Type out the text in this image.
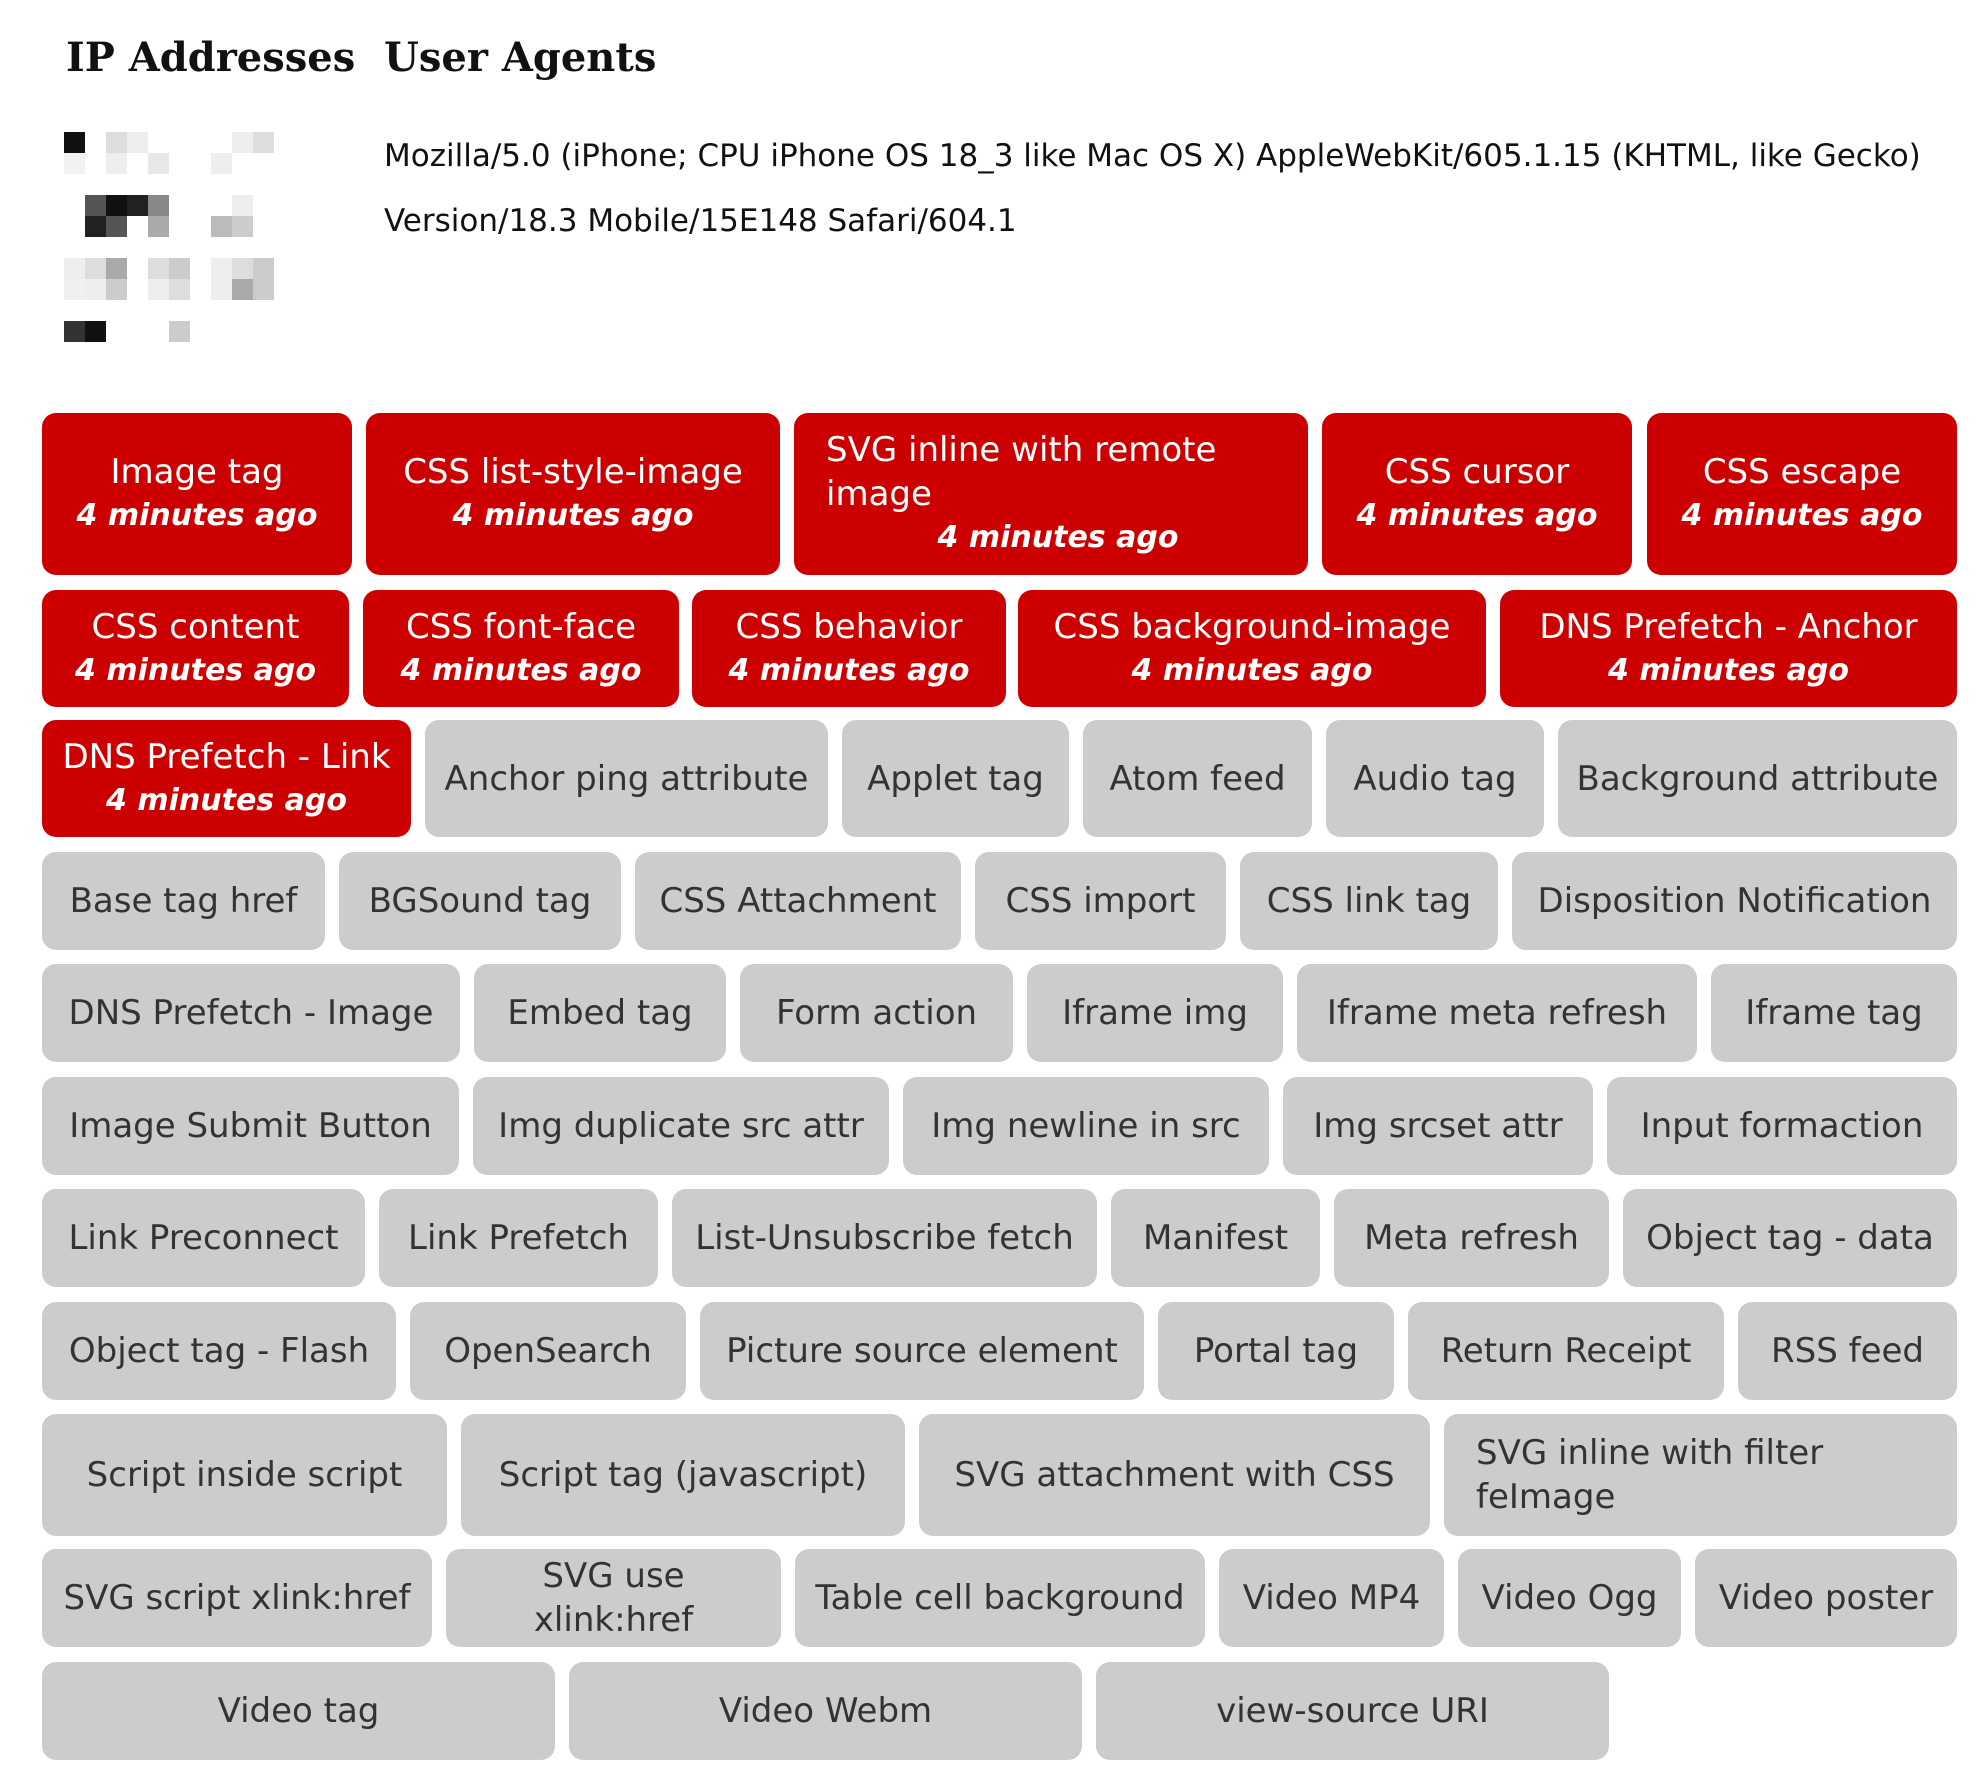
IP Addresses User Agents

Mozilla/5.0 (iPhone; CPU iPhone OS 18_3 like Mac OS X) AppleWebKit/605.1.15 (KHTML, like Gecko) Version/18.3 Mobile/15E148 Safari/604.1

Image tag
4 minutes ago
CSS list-style-image
4 minutes ago
SVG inline with remote image
4 minutes ago
CSS cursor
4 minutes ago
CSS escape
4 minutes ago
CSS content
4 minutes ago
CSS font-face
4 minutes ago
CSS behavior
4 minutes ago
CSS background-image
4 minutes ago
DNS Prefetch - Anchor
4 minutes ago
DNS Prefetch - Link
4 minutes ago
Anchor ping attribute Applet tag Atom feed Audio tag Background attribute
Base tag href BGSound tag CSS Attachment CSS import CSS link tag Disposition Notification
DNS Prefetch - Image Embed tag Form action	Iframe img Iframe meta refresh Iframe tag
Image Submit Button Img duplicate src attr Img newline in src Img srcset attr Input formaction
Link Preconnect Link Prefetch List-Unsubscribe fetch Manifest Meta refresh Object tag - data
Object tag - Flash OpenSearch Picture source element Portal tag Return Receipt RSS feed
Script inside script	Script tag (javascript)	SVG attachment with CSS
SVG inline with filter feImage
SVG script xlink:href
SVG use xlink:href
Table cell background Video MP4 Video Ogg Video poster
Video tag	Video Webm	view-source URI
